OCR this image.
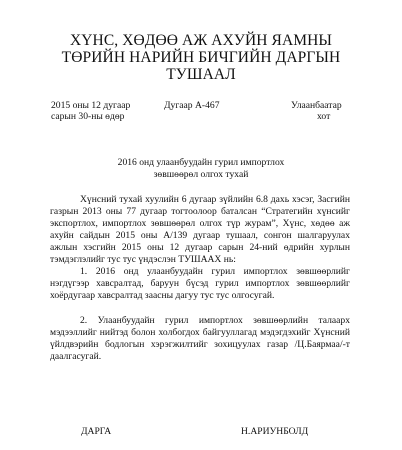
ХҮНС, ХӨДӨӨ АЖ АХУЙН ЯАМНЫ
ТӨРИЙН НАРИЙН БИЧГИЙН ДАРГЫН
ТУШААЛ
2015 оны 12 дугаар
сарын 30-ны өдөр
Дугаар А-467	Улаанбаатар
хот
2016 онд улаанбуудайн гурил импортлох
зөвшөөрөл олгох тухай
Хүнсний тухай хуулийн 6 дугаар зүйлийн 6.8 дахь хэсэг, Засгийн газрын 2013 оны 77 дугаар тогтоолоор баталсан “Стратегийн хүнсийг экспортлох, импортлох зөвшөөрөл олгох түр журам”, Хүнс, хөдөө аж ахуйн сайдын 2015 оны А/139 дугаар тушаал, сонгон шалгаруулах ажлын хэсгийн 2015 оны 12 дугаар сарын 24-ний өдрийн хурлын тэмдэглэлийг тус тус үндэслэн ТУШААХ нь:
1. 2016 онд улаанбуудайн гурил импортлох зөвшөөрлийг нэгдүгээр хавсралтад, баруун бүсэд гурил импортлох зөвшөөрлийг хоёрдугаар хавсралтад заасны дагуу тус тус олгосугай.
2. Улаанбуудайн гурил импортлох зөвшөөрлийн талаарх мэдээллийг нийтэд болон холбогдох байгууллагад мэдэгдэхийг Хүнсний үйлдвэрийн бодлогын хэрэгжилтийг зохицуулах газар /Ц.Баярмаа/-т даалгасугай.
ДАРГА	Н.АРИУНБОЛД
